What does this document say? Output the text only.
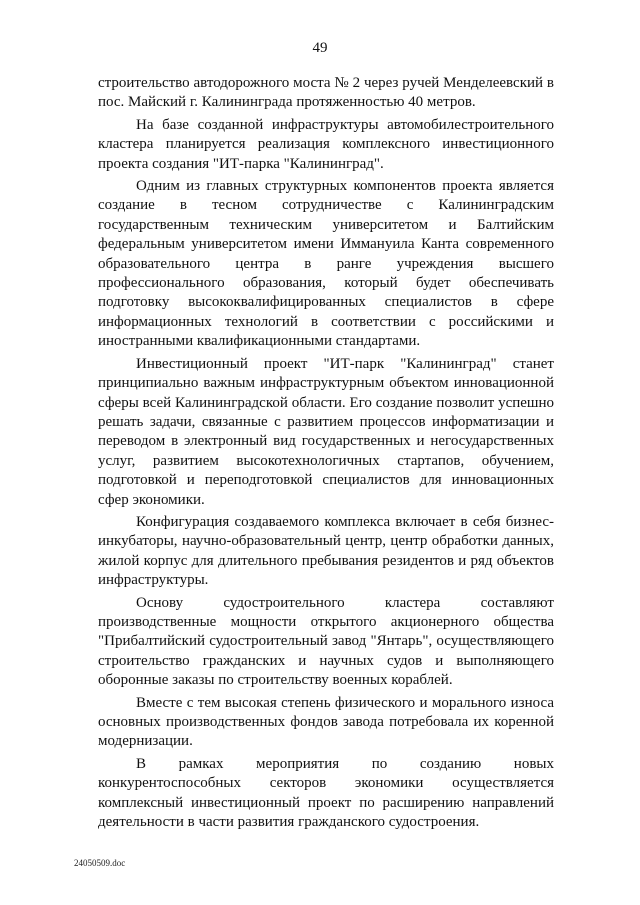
49

строительство автодорожного моста № 2 через ручей Менделеевский в пос. Майский г. Калининграда протяженностью 40 метров.

На базе созданной инфраструктуры автомобилестроительного кластера планируется реализация комплексного инвестиционного проекта создания "ИТ-парка "Калининград".

Одним из главных структурных компонентов проекта является создание в тесном сотрудничестве с Калининградским государственным техническим университетом и Балтийским федеральным университетом имени Иммануила Канта современного образовательного центра в ранге учреждения высшего профессионального образования, который будет обеспечивать подготовку высококвалифицированных специалистов в сфере информационных технологий в соответствии с российскими и иностранными квалификационными стандартами.

Инвестиционный проект "ИТ-парк "Калининград" станет принципиально важным инфраструктурным объектом инновационной сферы всей Калининградской области. Его создание позволит успешно решать задачи, связанные с развитием процессов информатизации и переводом в электронный вид государственных и негосударственных услуг, развитием высокотехнологичных стартапов, обучением, подготовкой и переподготовкой специалистов для инновационных сфер экономики.

Конфигурация создаваемого комплекса включает в себя бизнес-инкубаторы, научно-образовательный центр, центр обработки данных, жилой корпус для длительного пребывания резидентов и ряд объектов инфраструктуры.

Основу судостроительного кластера составляют производственные мощности открытого акционерного общества "Прибалтийский судостроительный завод "Янтарь", осуществляющего строительство гражданских и научных судов и выполняющего оборонные заказы по строительству военных кораблей.

Вместе с тем высокая степень физического и морального износа основных производственных фондов завода потребовала их коренной модернизации.

В рамках мероприятия по созданию новых конкурентоспособных секторов экономики осуществляется комплексный инвестиционный проект по расширению направлений деятельности в части развития гражданского судостроения.

24050509.doc
